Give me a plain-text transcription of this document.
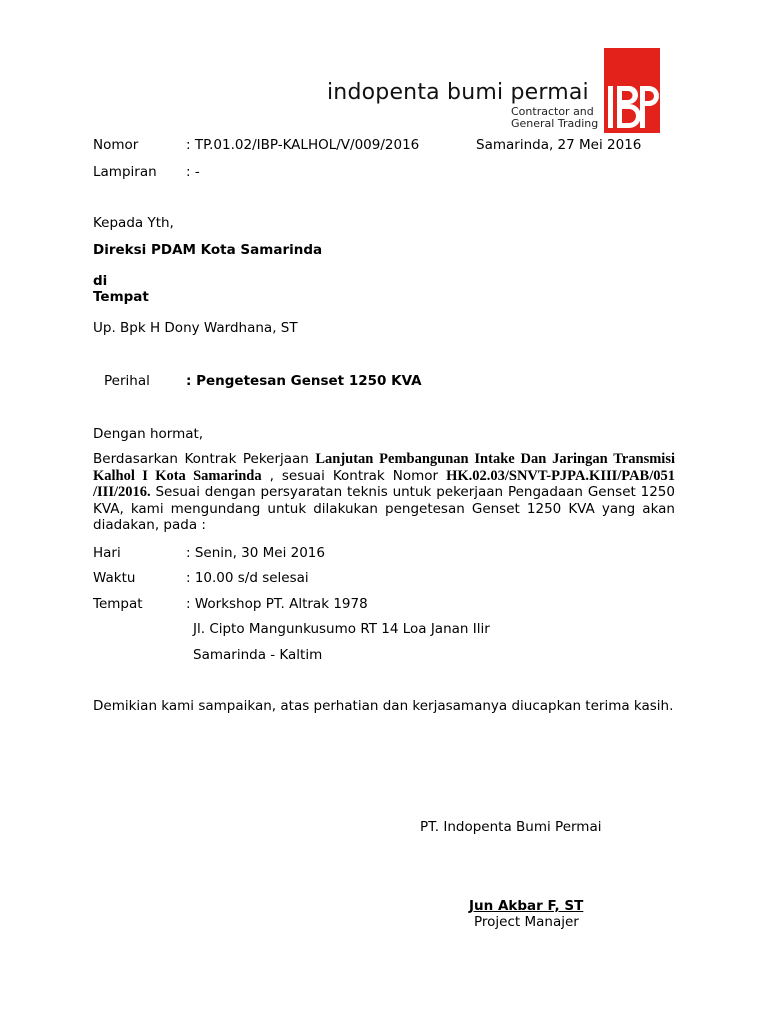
indopenta bumi permai
Contractor and
General Trading
Nomor	: TP.01.02/IBP-KALHOL/V/009/2016	Samarinda, 27 Mei 2016
Lampiran : -
Kepada Yth,
Direksi PDAM Kota Samarinda
di
Tempat
Up. Bpk H Dony Wardhana, ST
Perihal	: Pengetesan Genset 1250 KVA
Dengan hormat,
Berdasarkan Kontrak Pekerjaan Lanjutan Pembangunan Intake Dan Jaringan Transmisi Kalhol I Kota Samarinda , sesuai Kontrak Nomor HK.02.03/SNVT-PJPA.KIII/PAB/051 /III/2016. Sesuai dengan persyaratan teknis untuk pekerjaan Pengadaan Genset 1250 KVA, kami mengundang untuk dilakukan pengetesan Genset 1250 KVA yang akan diadakan, pada :
Hari	: Senin, 30 Mei 2016
Waktu	: 10.00 s/d selesai
Tempat	: Workshop PT. Altrak 1978
Jl. Cipto Mangunkusumo RT 14 Loa Janan Ilir
Samarinda - Kaltim
Demikian kami sampaikan, atas perhatian dan kerjasamanya diucapkan terima kasih.
PT. Indopenta Bumi Permai
Jun Akbar F, ST
Project Manajer
